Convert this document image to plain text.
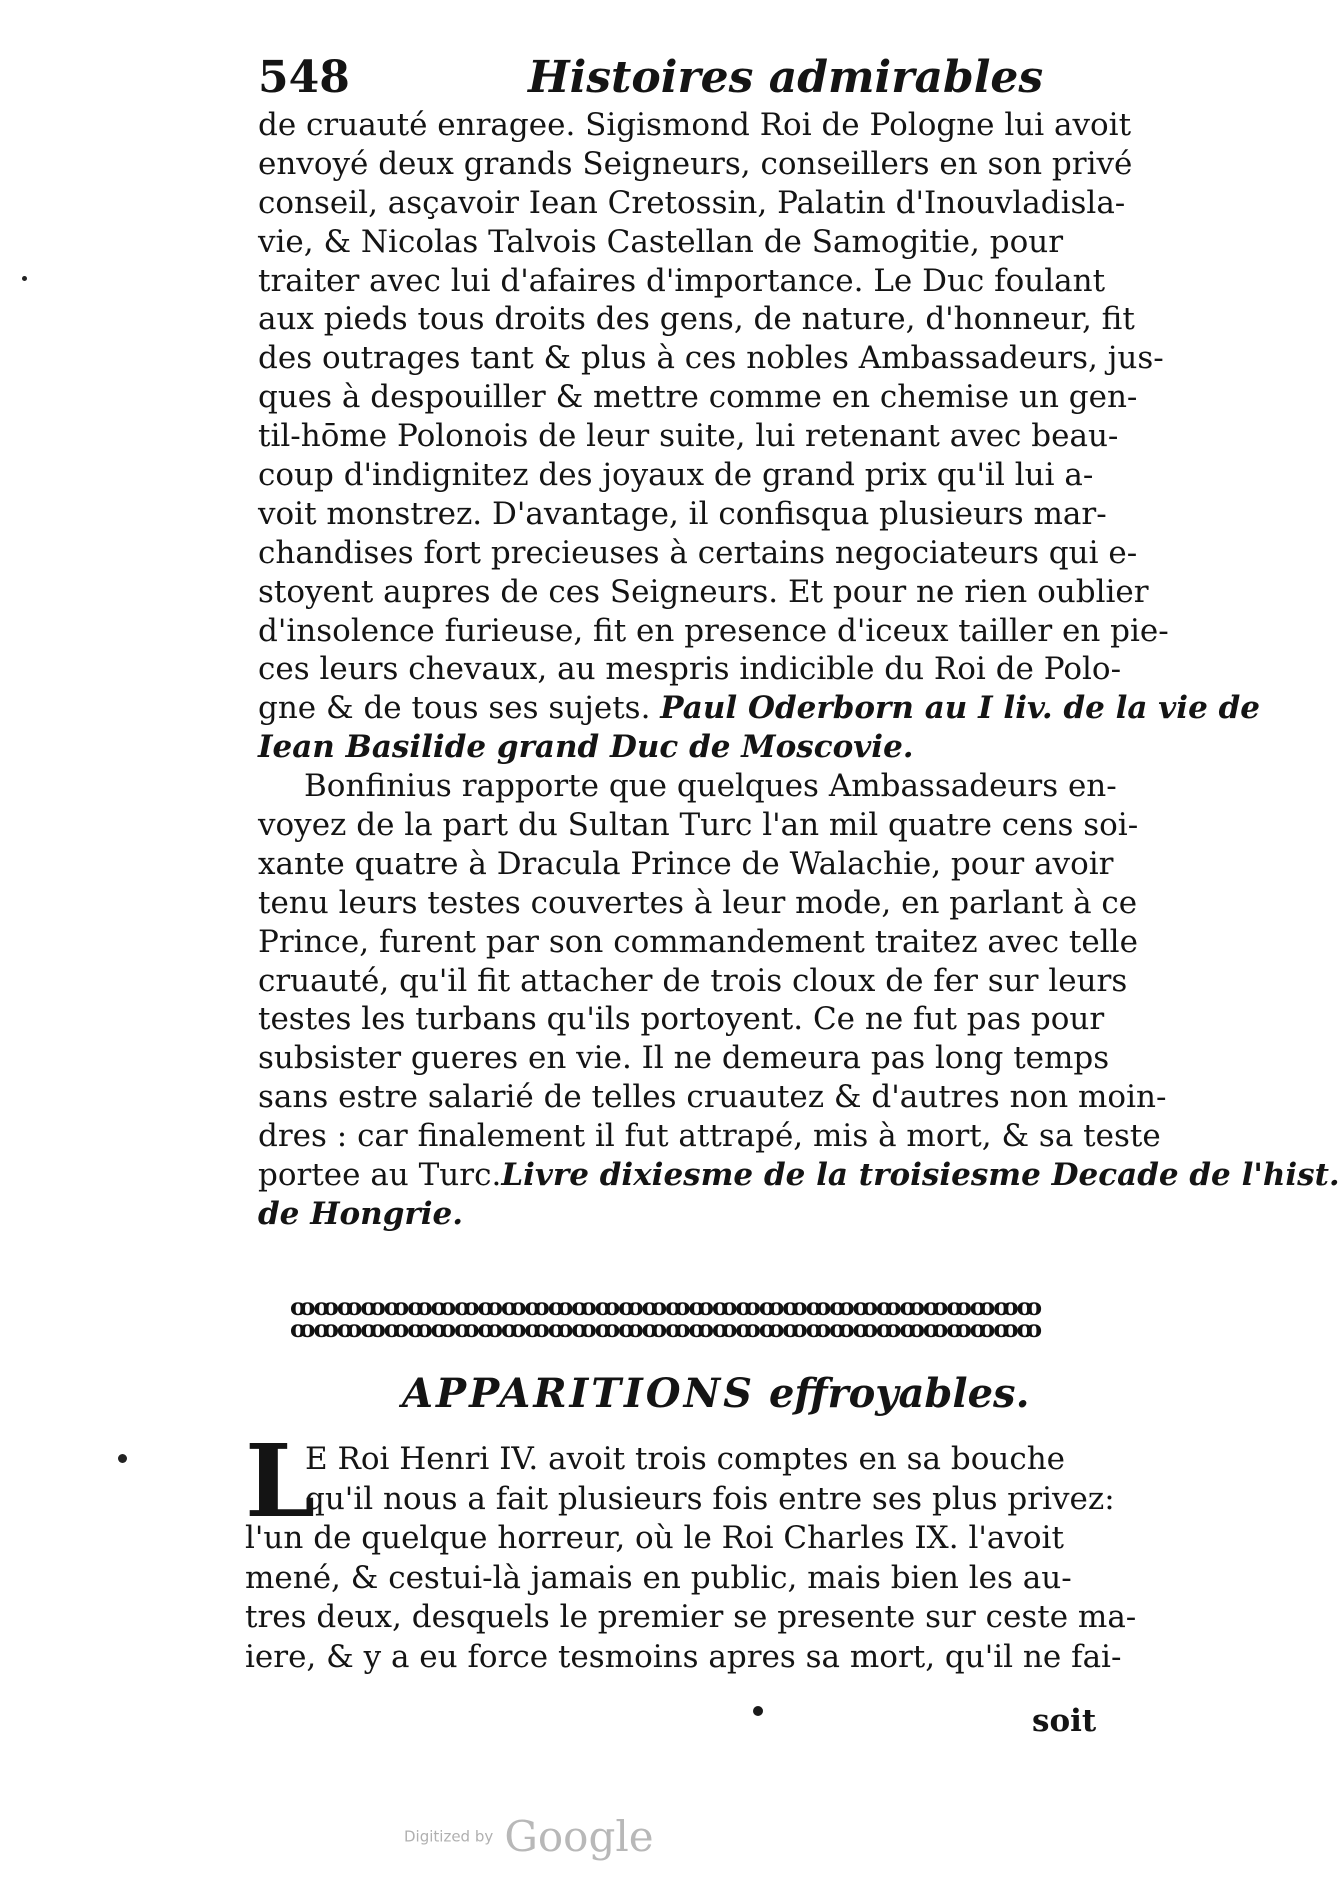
548	Histoires admirables
de cruauté enragee. Sigismond Roi de Pologne lui avoit
envoyé deux grands Seigneurs, conseillers en son privé
conseil, asçavoir Iean Cretossin, Palatin d'Inouvladisla-
vie, & Nicolas Talvois Castellan de Samogitie, pour
traiter avec lui d'afaires d'importance. Le Duc foulant
aux pieds tous droits des gens, de nature, d'honneur, fit
des outrages tant & plus à ces nobles Ambassadeurs, jus-
ques à despouiller & mettre comme en chemise un gen-
til-hōme Polonois de leur suite, lui retenant avec beau-
coup d'indignitez des joyaux de grand prix qu'il lui a-
voit monstrez. D'avantage, il confisqua plusieurs mar-
chandises fort precieuses à certains negociateurs qui e-
stoyent aupres de ces Seigneurs. Et pour ne rien oublier
d'insolence furieuse, fit en presence d'iceux tailler en pie-
ces leurs chevaux, au mespris indicible du Roi de Polo-
gne & de tous ses sujets. Paul Oderborn au I liv. de la vie de
Iean Basilide grand Duc de Moscovie.
Bonfinius rapporte que quelques Ambassadeurs en-
voyez de la part du Sultan Turc l'an mil quatre cens soi-
xante quatre à Dracula Prince de Walachie, pour avoir
tenu leurs testes couvertes à leur mode, en parlant à ce
Prince, furent par son commandement traitez avec telle
cruauté, qu'il fit attacher de trois cloux de fer sur leurs
testes les turbans qu'ils portoyent. Ce ne fut pas pour
subsister gueres en vie. Il ne demeura pas long temps
sans estre salarié de telles cruautez & d'autres non moin-
dres : car finalement il fut attrapé, mis à mort, & sa teste
portee au Turc.Livre dixiesme de la troisiesme Decade de l'hist.
de Hongrie.
ꝏꝏꝏꝏꝏꝏꝏꝏꝏꝏꝏꝏꝏꝏꝏꝏꝏꝏꝏꝏꝏꝏꝏꝏꝏꝏꝏꝏꝏꝏꝏꝏ
ꝏꝏꝏꝏꝏꝏꝏꝏꝏꝏꝏꝏꝏꝏꝏꝏꝏꝏꝏꝏꝏꝏꝏꝏꝏꝏꝏꝏꝏꝏꝏꝏ
APPARITIONS effroyables.
L
E Roi Henri IV. avoit trois comptes en sa bouche
qu'il nous a fait plusieurs fois entre ses plus privez:
l'un de quelque horreur, où le Roi Charles IX. l'avoit
mené, & cestui-là jamais en public, mais bien les au-
tres deux, desquels le premier se presente sur ceste ma-
iere, & y a eu force tesmoins apres sa mort, qu'il ne fai-
soit
Digitized by Google
